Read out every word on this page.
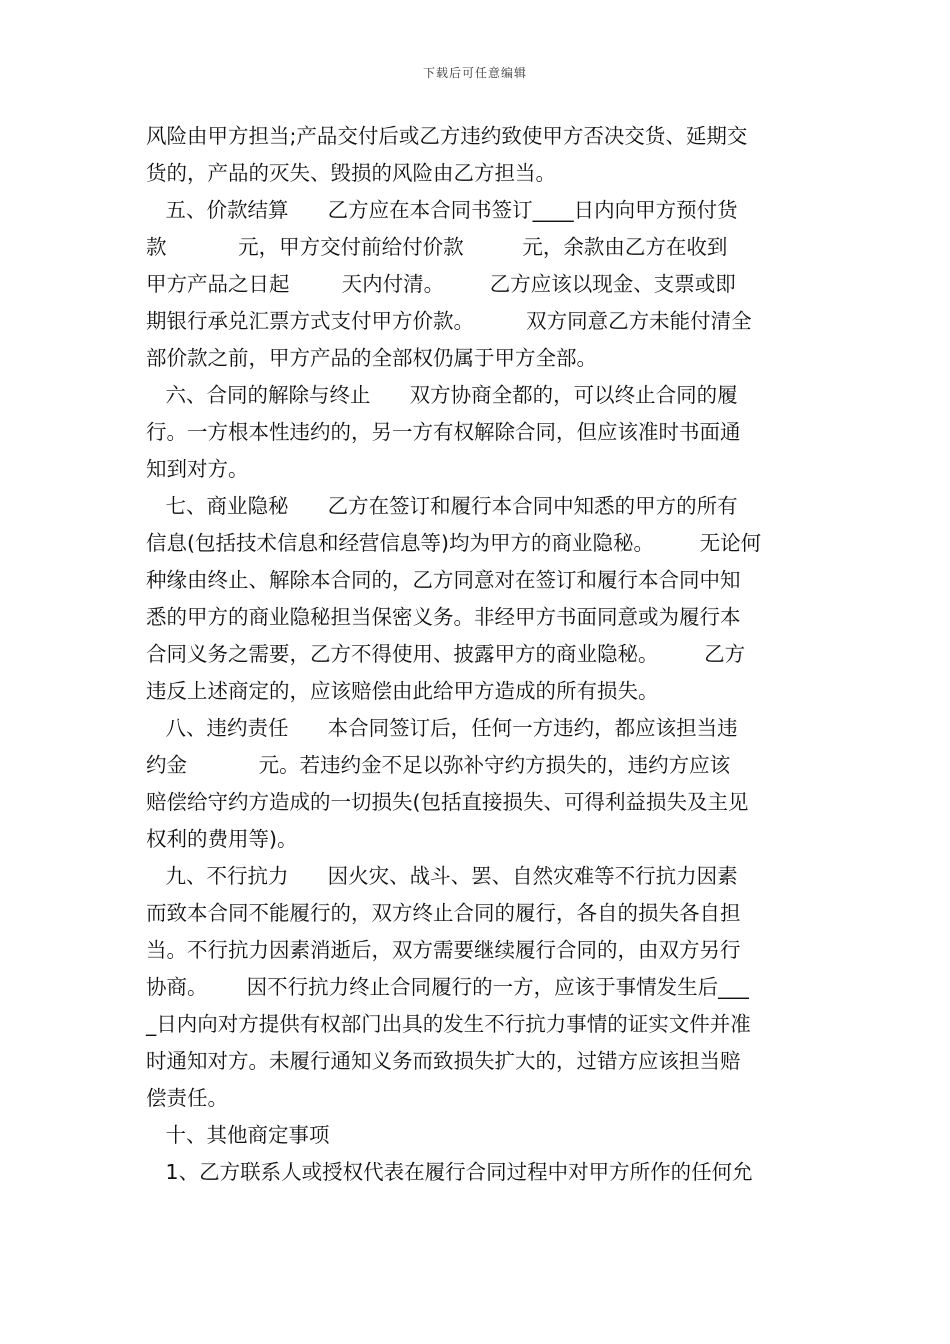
下载后可任意编辑
风险由甲方担当;产品交付后或乙方违约致使甲方否决交货、延期交
货的，产品的灭失、毁损的风险由乙方担当。
五、价款结算      乙方应在本合同书签订____日内向甲方预付货
款           元，甲方交付前给付价款         元，余款由乙方在收到
甲方产品之日起        天内付清。       乙方应该以现金、支票或即
期银行承兑汇票方式支付甲方价款。        双方同意乙方未能付清全
部价款之前，甲方产品的全部权仍属于甲方全部。
六、合同的解除与终止      双方协商全都的，可以终止合同的履
行。一方根本性违约的，另一方有权解除合同，但应该准时书面通
知到对方。
七、商业隐秘      乙方在签订和履行本合同中知悉的甲方的所有
信息(包括技术信息和经营信息等)均为甲方的商业隐秘。       无论何
种缘由终止、解除本合同的，乙方同意对在签订和履行本合同中知
悉的甲方的商业隐秘担当保密义务。非经甲方书面同意或为履行本
合同义务之需要，乙方不得使用、披露甲方的商业隐秘。       乙方
违反上述商定的，应该赔偿由此给甲方造成的所有损失。
八、违约责任      本合同签订后，任何一方违约，都应该担当违
约金           元。若违约金不足以弥补守约方损失的，违约方应该
赔偿给守约方造成的一切损失(包括直接损失、可得利益损失及主见
权利的费用等)。
九、不行抗力      因火灾、战斗、罢、自然灾难等不行抗力因素
而致本合同不能履行的，双方终止合同的履行，各自的损失各自担
当。不行抗力因素消逝后，双方需要继续履行合同的，由双方另行
协商。      因不行抗力终止合同履行的一方，应该于事情发生后___
_日内向对方提供有权部门出具的发生不行抗力事情的证实文件并准
时通知对方。未履行通知义务而致损失扩大的，过错方应该担当赔
偿责任。
十、其他商定事项
1、乙方联系人或授权代表在履行合同过程中对甲方所作的任何允
